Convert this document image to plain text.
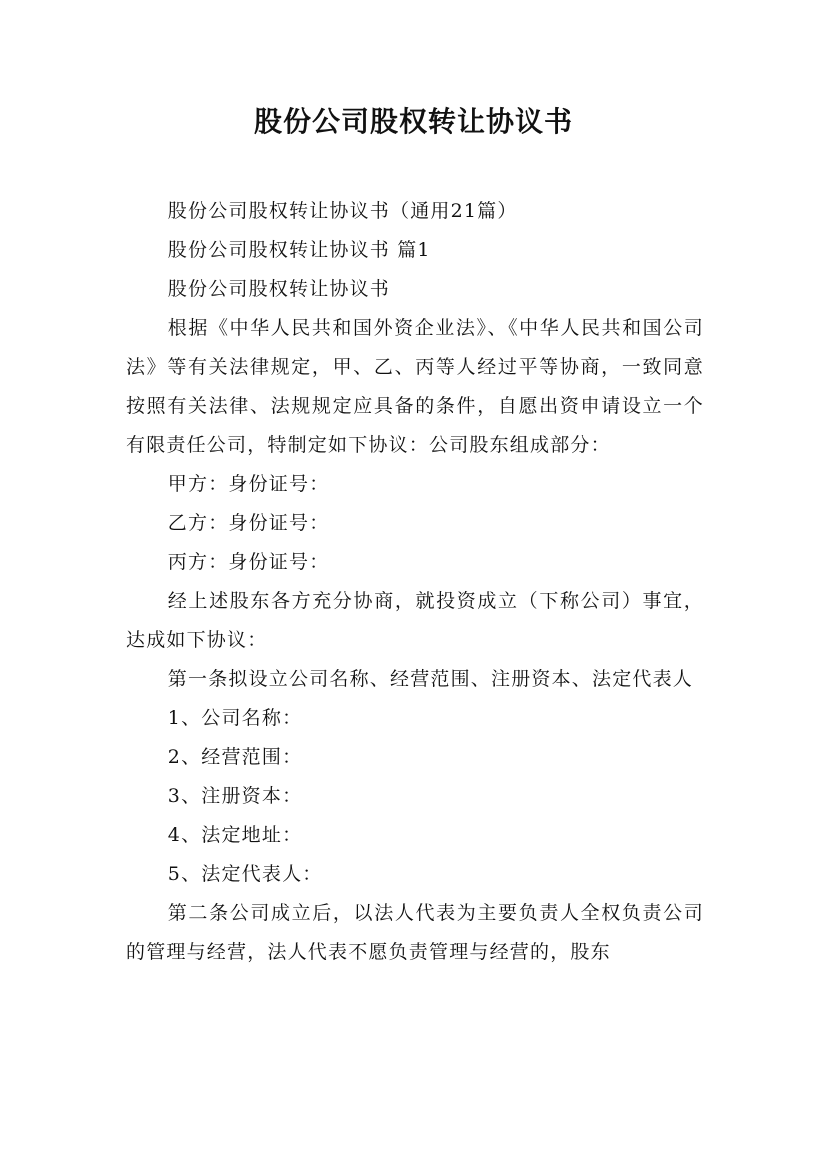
股份公司股权转让协议书

股份公司股权转让协议书（通用21篇）

股份公司股权转让协议书 篇1

股份公司股权转让协议书

根据《中华人民共和国外资企业法》、《中华人民共和国公司法》等有关法律规定，甲、乙、丙等人经过平等协商，一致同意按照有关法律、法规规定应具备的条件，自愿出资申请设立一个有限责任公司，特制定如下协议：公司股东组成部分：

甲方：身份证号：

乙方：身份证号：

丙方：身份证号：

经上述股东各方充分协商，就投资成立（下称公司）事宜，达成如下协议：

第一条拟设立公司名称、经营范围、注册资本、法定代表人

1、公司名称：

2、经营范围：

3、注册资本：

4、法定地址：

5、法定代表人：

第二条公司成立后，以法人代表为主要负责人全权负责公司的管理与经营，法人代表不愿负责管理与经营的，股东
